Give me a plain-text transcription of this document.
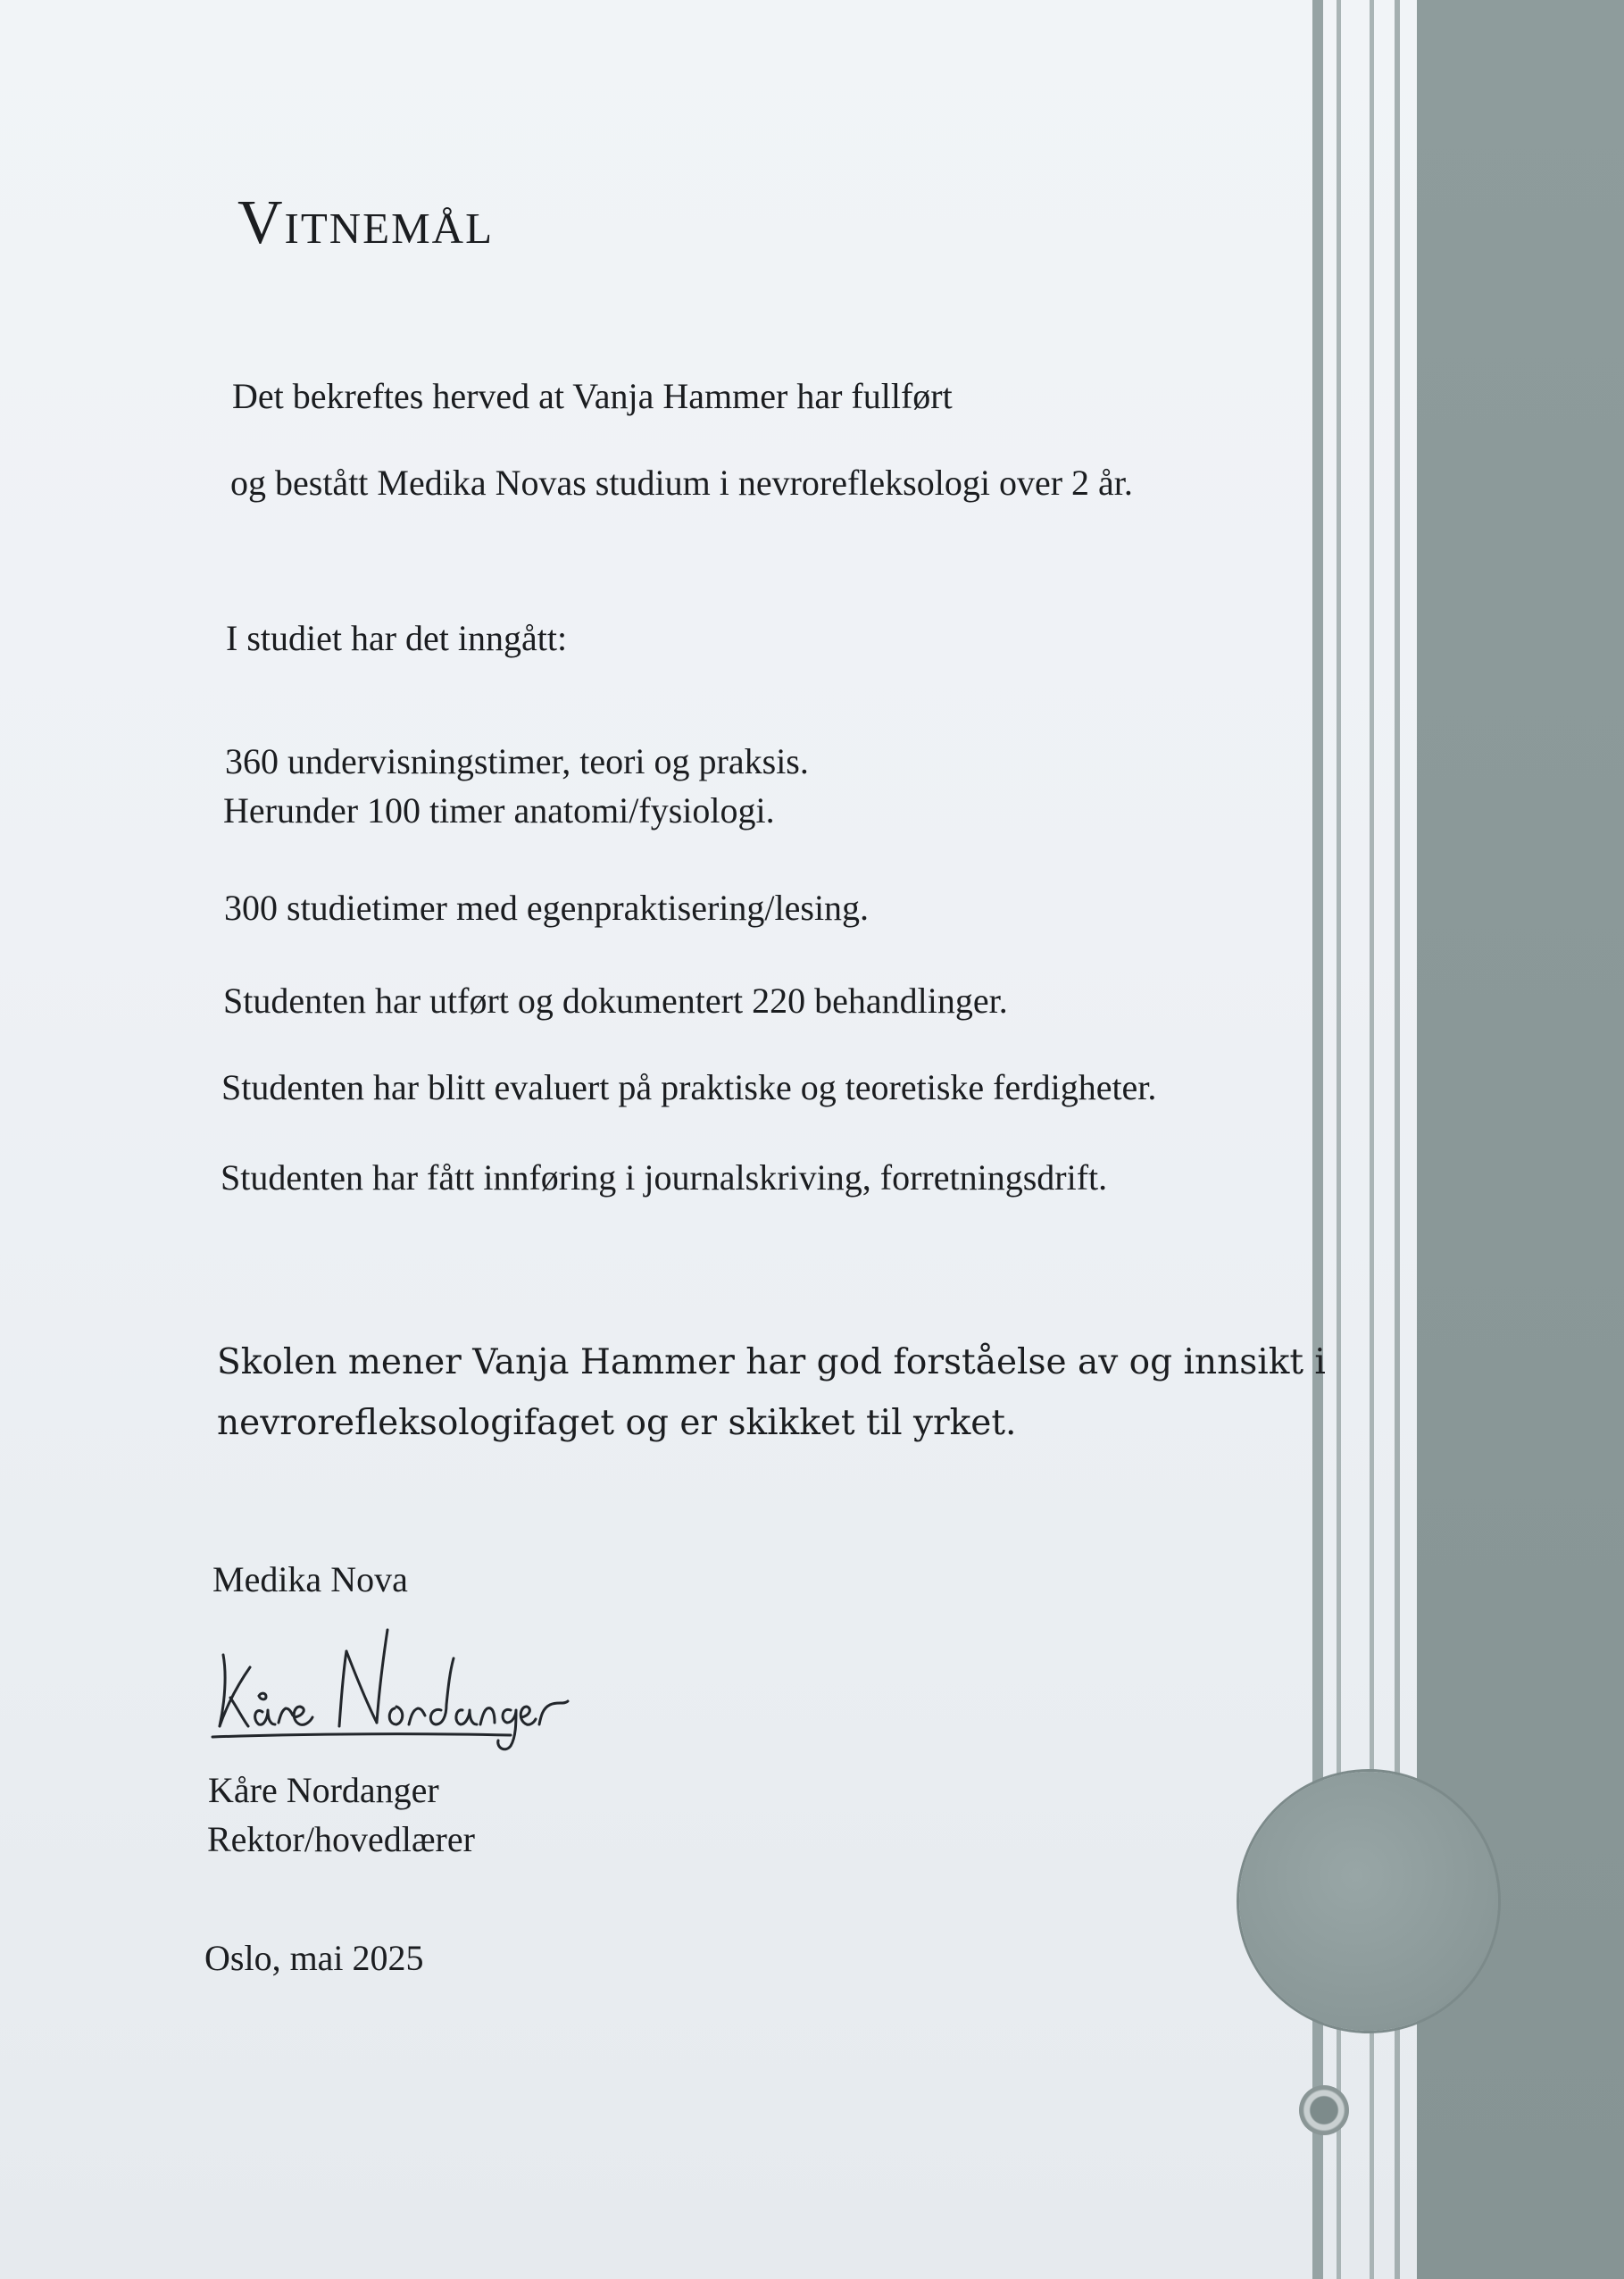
Vitnemål
Det bekreftes herved at Vanja Hammer har fullført
og bestått Medika Novas studium i nevrorefleksologi over 2 år.
I studiet har det inngått:
360 undervisningstimer, teori og praksis.
Herunder 100 timer anatomi/fysiologi.
300 studietimer med egenpraktisering/lesing.
Studenten har utført og dokumentert 220 behandlinger.
Studenten har blitt evaluert på praktiske og teoretiske ferdigheter.
Studenten har fått innføring i journalskriving, forretningsdrift.
Skolen mener Vanja Hammer har god forståelse av og innsikt i
nevrorefleksologifaget og er skikket til yrket.
Medika Nova
Kåre Nordanger
Rektor/hovedlærer
Oslo, mai 2025
